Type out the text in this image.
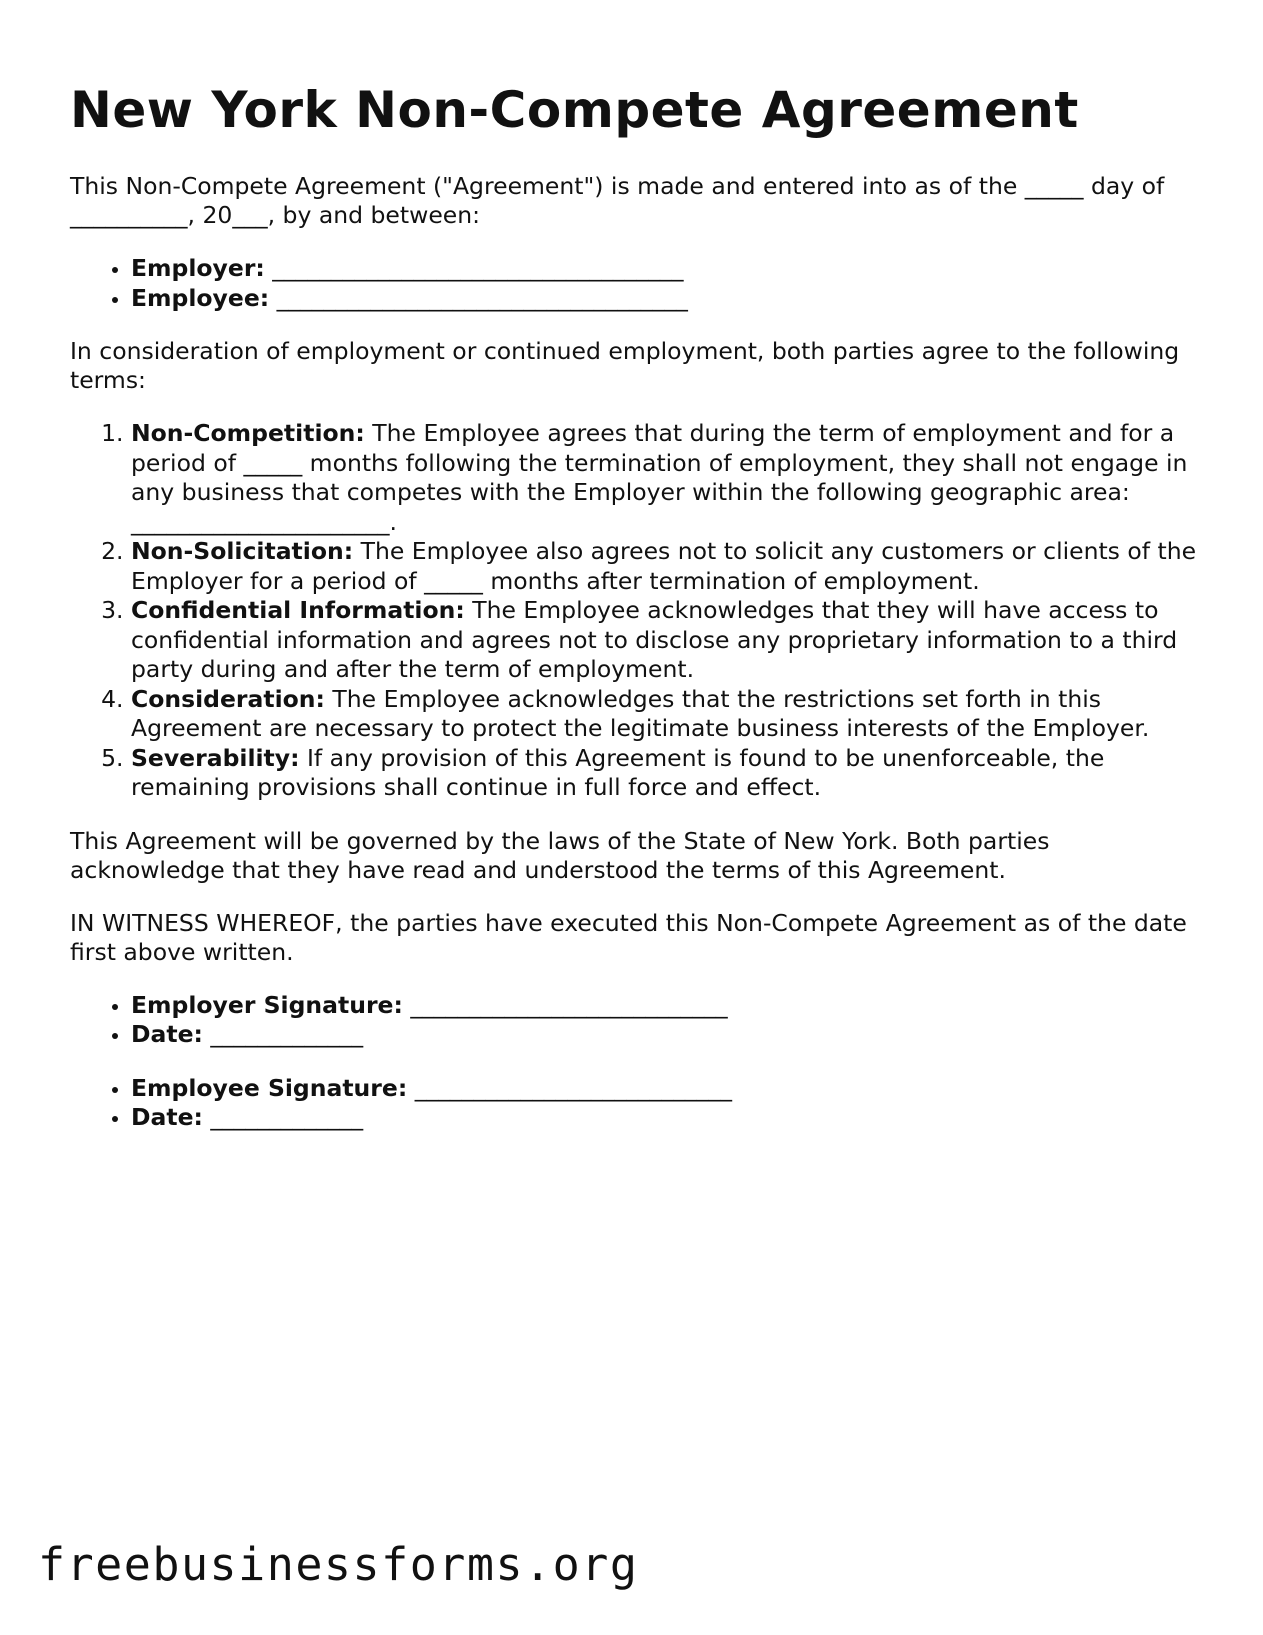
New York Non-Compete Agreement

This Non-Compete Agreement ("Agreement") is made and entered into as of the _____ day of __________, 20___, by and between:

• Employer: ___________________________________
• Employee: ___________________________________

In consideration of employment or continued employment, both parties agree to the following terms:

1. Non-Competition: The Employee agrees that during the term of employment and for a period of _____ months following the termination of employment, they shall not engage in any business that competes with the Employer within the following geographic area: ______________________.
2. Non-Solicitation: The Employee also agrees not to solicit any customers or clients of the Employer for a period of _____ months after termination of employment.
3. Confidential Information: The Employee acknowledges that they will have access to confidential information and agrees not to disclose any proprietary information to a third party during and after the term of employment.
4. Consideration: The Employee acknowledges that the restrictions set forth in this Agreement are necessary to protect the legitimate business interests of the Employer.
5. Severability: If any provision of this Agreement is found to be unenforceable, the remaining provisions shall continue in full force and effect.

This Agreement will be governed by the laws of the State of New York. Both parties acknowledge that they have read and understood the terms of this Agreement.

IN WITNESS WHEREOF, the parties have executed this Non-Compete Agreement as of the date first above written.

• Employer Signature: ___________________________
• Date: _____________
• Employee Signature: ___________________________
• Date: _____________
freebusinessforms.org
